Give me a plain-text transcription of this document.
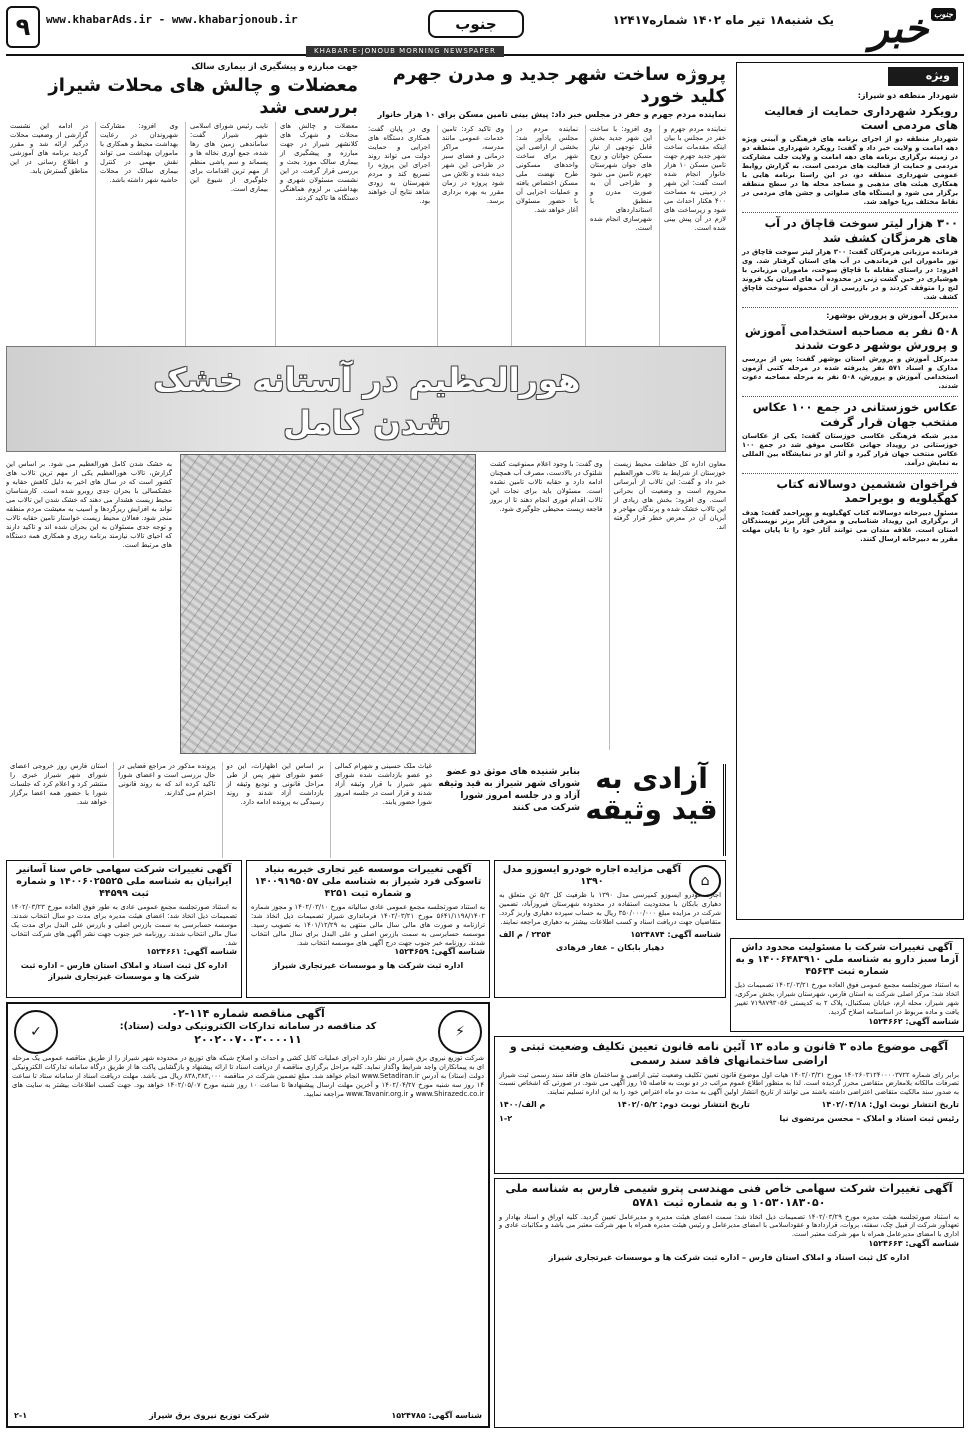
خبر جنوب
یک شنبه۱۸ تیر ماه ۱۴۰۲ شماره۱۲۴۱۷
جنوب
www.khabarAds.ir - www.khabarjonoub.ir
۹
KHABAR-E-JONOUB MORNING NEWSPAPER
ویژه
شهردار منطقه دو شیراز:
رویکرد شهرداری حمایت از فعالیت های مردمی است
شهردار منطقه دو از اجرای برنامه های فرهنگی و آیینی ویژه دهه امامت و ولایت خبر داد و گفت: رویکرد شهرداری منطقه دو در زمینه برگزاری برنامه های دهه امامت و ولایت جلب مشارکت مردمی و حمایت از فعالیت های مردمی است. به گزارش روابط عمومی شهرداری منطقه دو، در این راستا برنامه هایی با همکاری هیئت های مذهبی و مساجد محله ها در سطح منطقه برگزار می شود و ایستگاه های صلواتی و جشن های مردمی در نقاط مختلف برپا خواهد شد.
۳۰۰ هزار لیتر سوخت قاچاق در آب های هرمزگان کشف شد
فرمانده مرزبانی هرمزگان گفت: ۳۰۰ هزار لیتر سوخت قاچاق در تور ماموران این فرماندهی در آب های استان گرفتار شد. وی افزود: در راستای مقابله با قاچاق سوخت، ماموران مرزبانی با هوشیاری در حین گشت زنی در محدوده آب های استان یک فروند لنج را متوقف کردند و در بازرسی از آن محموله سوخت قاچاق کشف شد.
مدیرکل آموزش و پرورش بوشهر:
۵۰۸ نفر به مصاحبه استخدامی آموزش و پرورش بوشهر دعوت شدند
مدیرکل آموزش و پرورش استان بوشهر گفت: پس از بررسی مدارک و اسناد ۵۷۱ نفر پذیرفته شده در مرحله کتبی آزمون استخدامی آموزش و پرورش، ۵۰۸ نفر به مرحله مصاحبه دعوت شدند.
عکاس خوزستانی در جمع ۱۰۰ عکاس منتخب جهان قرار گرفت
مدیر شبکه فرهنگی عکاسی خوزستان گفت: یکی از عکاسان خوزستانی در رویداد جهانی عکاسی موفق شد در جمع ۱۰۰ عکاس منتخب جهان قرار گیرد و آثار او در نمایشگاه بین المللی به نمایش درآمد.
فراخوان ششمین دوسالانه کتاب کهگیلویه و بویراحمد
مسئول دبیرخانه دوسالانه کتاب کهگیلویه و بویراحمد گفت: هدف از برگزاری این رویداد شناسایی و معرفی آثار برتر نویسندگان استان است. علاقه مندان می توانند آثار خود را تا پایان مهلت مقرر به دبیرخانه ارسال کنند.
پروژه ساخت شهر جدید و مدرن جهرم کلید خورد
نماینده مردم جهرم و خفر در مجلس خبر داد: پیش بینی تامین مسکن برای ۱۰ هزار خانوار
نماینده مردم جهرم و خفر در مجلس با بیان اینکه مقدمات ساخت شهر جدید جهرم جهت تامین مسکن ۱۰ هزار خانوار انجام شده است گفت: این شهر در زمینی به مساحت ۴۰۰ هکتار احداث می شود و زیرساخت های لازم در آن پیش بینی شده است.
وی افزود: با ساخت این شهر جدید بخش قابل توجهی از نیاز مسکن جوانان و زوج های جوان شهرستان جهرم تامین می شود و طراحی آن به صورت مدرن و منطبق با استانداردهای شهرسازی انجام شده است.
نماینده مردم در مجلس یادآور شد: بخشی از اراضی این شهر برای ساخت واحدهای مسکونی طرح نهضت ملی مسکن اختصاص یافته و عملیات اجرایی آن با حضور مسئولان آغاز خواهد شد.
وی تاکید کرد: تامین خدمات عمومی مانند مدرسه، مراکز درمانی و فضای سبز در طراحی این شهر دیده شده و تلاش می شود پروژه در زمان مقرر به بهره برداری برسد.
وی در پایان گفت: همکاری دستگاه های اجرایی و حمایت دولت می تواند روند اجرای این پروژه را تسریع کند و مردم شهرستان به زودی شاهد نتایج آن خواهند بود.
جهت مبارزه و پیشگیری از بیماری سالک
معضلات و چالش های محلات شیراز بررسی شد
معضلات و چالش های محلات و شهرک های کلانشهر شیراز در جهت مبارزه و پیشگیری از بیماری سالک مورد بحث و بررسی قرار گرفت. در این نشست مسئولان شهری و بهداشتی بر لزوم هماهنگی دستگاه ها تاکید کردند.
نایب رئیس شورای اسلامی شهر شیراز گفت: ساماندهی زمین های رها شده، جمع آوری نخاله ها و پسماند و سم پاشی منظم از مهم ترین اقدامات برای جلوگیری از شیوع این بیماری است.
وی افزود: مشارکت شهروندان در رعایت بهداشت محیط و همکاری با ماموران بهداشت می تواند نقش مهمی در کنترل بیماری سالک در محلات حاشیه شهر داشته باشد.
در ادامه این نشست گزارشی از وضعیت محلات درگیر ارائه شد و مقرر گردید برنامه های آموزشی و اطلاع رسانی در این مناطق گسترش یابد.
هورالعظیم در آستانه خشک شدن کامل
به خشک شدن کامل هورالعظیم می شود. بر اساس این گزارش، تالاب هورالعظیم یکی از مهم ترین تالاب های کشور است که در سال های اخیر به دلیل کاهش حقابه و خشکسالی با بحران جدی روبرو شده است. کارشناسان محیط زیست هشدار می دهند که خشک شدن این تالاب می تواند به افزایش ریزگردها و آسیب به معیشت مردم منطقه منجر شود. فعالان محیط زیست خواستار تامین حقابه تالاب و توجه جدی مسئولان به این بحران شده اند و تاکید دارند که احیای تالاب نیازمند برنامه ریزی و همکاری همه دستگاه های مرتبط است.
معاون اداره کل حفاظت محیط زیست خوزستان از شرایط بد تالاب هورالعظیم خبر داد و گفت: این تالاب از آبرسانی محروم است و وضعیت آن بحرانی است. وی افزود: بخش های زیادی از این تالاب خشک شده و پرندگان مهاجر و آبزیان آن در معرض خطر قرار گرفته اند.
وی گفت: با وجود اعلام ممنوعیت کشت شلتوک در بالادست، مصرف آب همچنان ادامه دارد و حقابه تالاب تامین نشده است. مسئولان باید برای نجات این تالاب اقدام فوری انجام دهند تا از بروز فاجعه زیست محیطی جلوگیری شود.
آزادی به قید وثیقه
بنابر شنیده های موثق دو عضو شورای شهر شیراز به قید وثیقه آزاد و در جلسه امروز شورا شرکت می کنند
غیاث ملک حسینی و شهرام کمالی دو عضو بازداشت شده شورای شهر شیراز با قرار وثیقه آزاد شدند و قرار است در جلسه امروز شورا حضور یابند.
بر اساس این اظهارات، این دو عضو شورای شهر پس از طی مراحل قانونی و تودیع وثیقه از بازداشت آزاد شدند و روند رسیدگی به پرونده ادامه دارد.
پرونده مذکور در مراجع قضایی در حال بررسی است و اعضای شورا تاکید کرده اند که به روند قانونی احترام می گذارند.
استان فارس روز خروجی اعضای شورای شهر شیراز خبری را منتشر کرد و اعلام کرد که جلسات شورا با حضور همه اعضا برگزار خواهد شد.
⌂
آگهی مزایده اجاره خودرو ایسوزو مدل ۱۳۹۰
اجاره خودرو ایسوزو کمپرسی مدل ۱۳۹۰ با ظرفیت کل ۵/۲ تن متعلق به دهیاری بابکان با محدودیت استفاده در محدوده شهرستان فیروزآباد، تضمین شرکت در مزایده مبلغ ۳۵۰/۰۰۰/۰۰۰ ریال به حساب سپرده دهیاری واریز گردد. متقاضیان جهت دریافت اسناد و کسب اطلاعات بیشتر به دهیاری مراجعه نمایند.
شناسه آگهی: ۱۵۲۴۸۷۴
۲۳۵۴ / م الف
دهیار بابکان – غفار فرهادی
آگهی تغییرات موسسه غیر تجاری خیریه بنیاد تاسوکی فرد شیراز به شناسه ملی ۱۴۰۰۹۱۹۵۰۵۷ و شماره ثبت ۴۲۵۱
به استناد صورتجلسه مجمع عمومی عادی سالیانه مورخ ۱۴۰۲/۰۳/۱۰ و مجوز شماره ۵۶۴۱/۱۱۹۸/۱۴۰۲ مورخ ۱۴۰۲/۰۳/۲۱ فرمانداری شیراز تصمیمات ذیل اتخاذ شد: ترازنامه و صورت های مالی سال مالی منتهی به ۱۴۰۱/۱۲/۲۹ به تصویب رسید. موسسه حسابرسی به سمت بازرس اصلی و علی البدل برای سال مالی انتخاب شدند. روزنامه خبر جنوب جهت درج آگهی های موسسه انتخاب شد.
شناسه آگهی: ۱۵۲۴۶۵۹
اداره ثبت شرکت ها و موسسات غیرتجاری شیراز
آگهی تغییرات شرکت سهامی خاص سنا آسانیر ایرانیان به شناسه ملی ۱۴۰۰۶۰۲۵۵۲۵ و شماره ثبت ۴۴۵۹۹
به استناد صورتجلسه مجمع عمومی عادی به طور فوق العاده مورخ ۱۴۰۲/۰۳/۲۳ تصمیمات ذیل اتخاذ شد: اعضای هیئت مدیره برای مدت دو سال انتخاب شدند. موسسه حسابرسی به سمت بازرس اصلی و بازرس علی البدل برای مدت یک سال مالی انتخاب شدند. روزنامه خبر جنوب جهت نشر آگهی های شرکت انتخاب شد.
شناسه آگهی: ۱۵۲۴۶۶۱
اداره کل ثبت اسناد و املاک استان فارس – اداره ثبت شرکت ها و موسسات غیرتجاری شیراز
آگهی تغییرات شرکت با مسئولیت محدود داش آزما سبز دارو به شناسه ملی ۱۴۰۰۶۴۸۳۹۱۰ و به شماره ثبت ۴۵۶۳۴
به استناد صورتجلسه مجمع عمومی فوق العاده مورخ ۱۴۰۲/۰۳/۲۱ تصمیمات ذیل اتخاذ شد: مرکز اصلی شرکت به استان فارس، شهرستان شیراز، بخش مرکزی، شهر شیراز، محله ارم، خیابان بسکتبال، پلاک ۲ به کدپستی ۷۱۹۸۷۹۳۰۵۶ تغییر یافت و ماده مربوط در اساسنامه اصلاح گردید.
شناسه آگهی: ۱۵۲۴۶۶۲
آگهی موضوع ماده ۳ قانون و ماده ۱۳ آئین نامه قانون تعیین تکلیف وضعیت ثبتی و اراضی ساختمانهای فاقد سند رسمی
برابر رای شماره ۱۴۰۲۶۰۳۱۲۴۰۰۰۰۳۷۲۲ مورخ ۱۴۰۲/۰۳/۳۱ هیات اول موضوع قانون تعیین تکلیف وضعیت ثبتی اراضی و ساختمان های فاقد سند رسمی ثبت شیراز تصرفات مالکانه بلامعارض متقاضی محرز گردیده است. لذا به منظور اطلاع عموم مراتب در دو نوبت به فاصله ۱۵ روز آگهی می شود. در صورتی که اشخاص نسبت به صدور سند مالکیت متقاضی اعتراضی داشته باشند می توانند از تاریخ انتشار اولین آگهی به مدت دو ماه اعتراض خود را به این اداره تسلیم نمایند.
تاریخ انتشار نوبت اول: ۱۴۰۲/۰۴/۱۸
تاریخ انتشار نوبت دوم: ۱۴۰۲/۰۵/۲
م الف/۱۴۰۰
رئیس ثبت اسناد و املاک – محسن مرتضوی نیا
۱-۲
آگهی تغییرات شرکت سهامی خاص فنی مهندسی پترو شیمی فارس به شناسه ملی ۱۰۵۳۰۱۸۳۰۵۰ و به شماره ثبت ۵۷۸۱
به استناد صورتجلسه هیئت مدیره مورخ ۱۴۰۲/۰۳/۲۹ تصمیمات ذیل اتخاذ شد: سمت اعضای هیئت مدیره و مدیرعامل تعیین گردید. کلیه اوراق و اسناد بهادار و تعهدآور شرکت از قبیل چک، سفته، بروات، قراردادها و عقوداسلامی با امضای مدیرعامل و رئیس هیئت مدیره همراه با مهر شرکت معتبر می باشد و مکاتبات عادی و اداری با امضای مدیرعامل همراه با مهر شرکت معتبر است.
شناسه آگهی: ۱۵۲۴۶۶۳
اداره کل ثبت اسناد و املاک استان فارس – اداره ثبت شرکت ها و موسسات غیرتجاری شیراز
⚡
✓
آگهی مناقصه شماره ۱۱۴-۰۲
کد مناقصه در سامانه تدارکات الکترونیکی دولت (ستاد):
۲۰۰۲۰۰۷۰۰۳۰۰۰۰۱۱
شرکت توزیع نیروی برق شیراز در نظر دارد اجرای عملیات کابل کشی و احداث و اصلاح شبکه های توزیع در محدوده شهر شیراز را از طریق مناقصه عمومی یک مرحله ای به پیمانکاران واجد شرایط واگذار نماید. کلیه مراحل برگزاری مناقصه از دریافت اسناد تا ارائه پیشنهاد و بازگشایی پاکت ها از طریق درگاه سامانه تدارکات الکترونیکی دولت (ستاد) به آدرس www.Setadiran.ir انجام خواهد شد. مبلغ تضمین شرکت در مناقصه ۸۳۸,۳۸۳,۰۰۰ ریال می باشد. مهلت دریافت اسناد از سامانه ستاد تا ساعت ۱۴ روز سه شنبه مورخ ۱۴۰۲/۰۴/۲۷ و آخرین مهلت ارسال پیشنهادها تا ساعت ۱۰ روز شنبه مورخ ۱۴۰۲/۰۵/۰۷ خواهد بود. جهت کسب اطلاعات بیشتر به سایت های www.Shirazedc.co.ir و www.Tavanir.org.ir مراجعه نمایید.
شناسه آگهی: ۱۵۲۴۷۸۵
شرکت توزیع نیروی برق شیراز
۲-۱
